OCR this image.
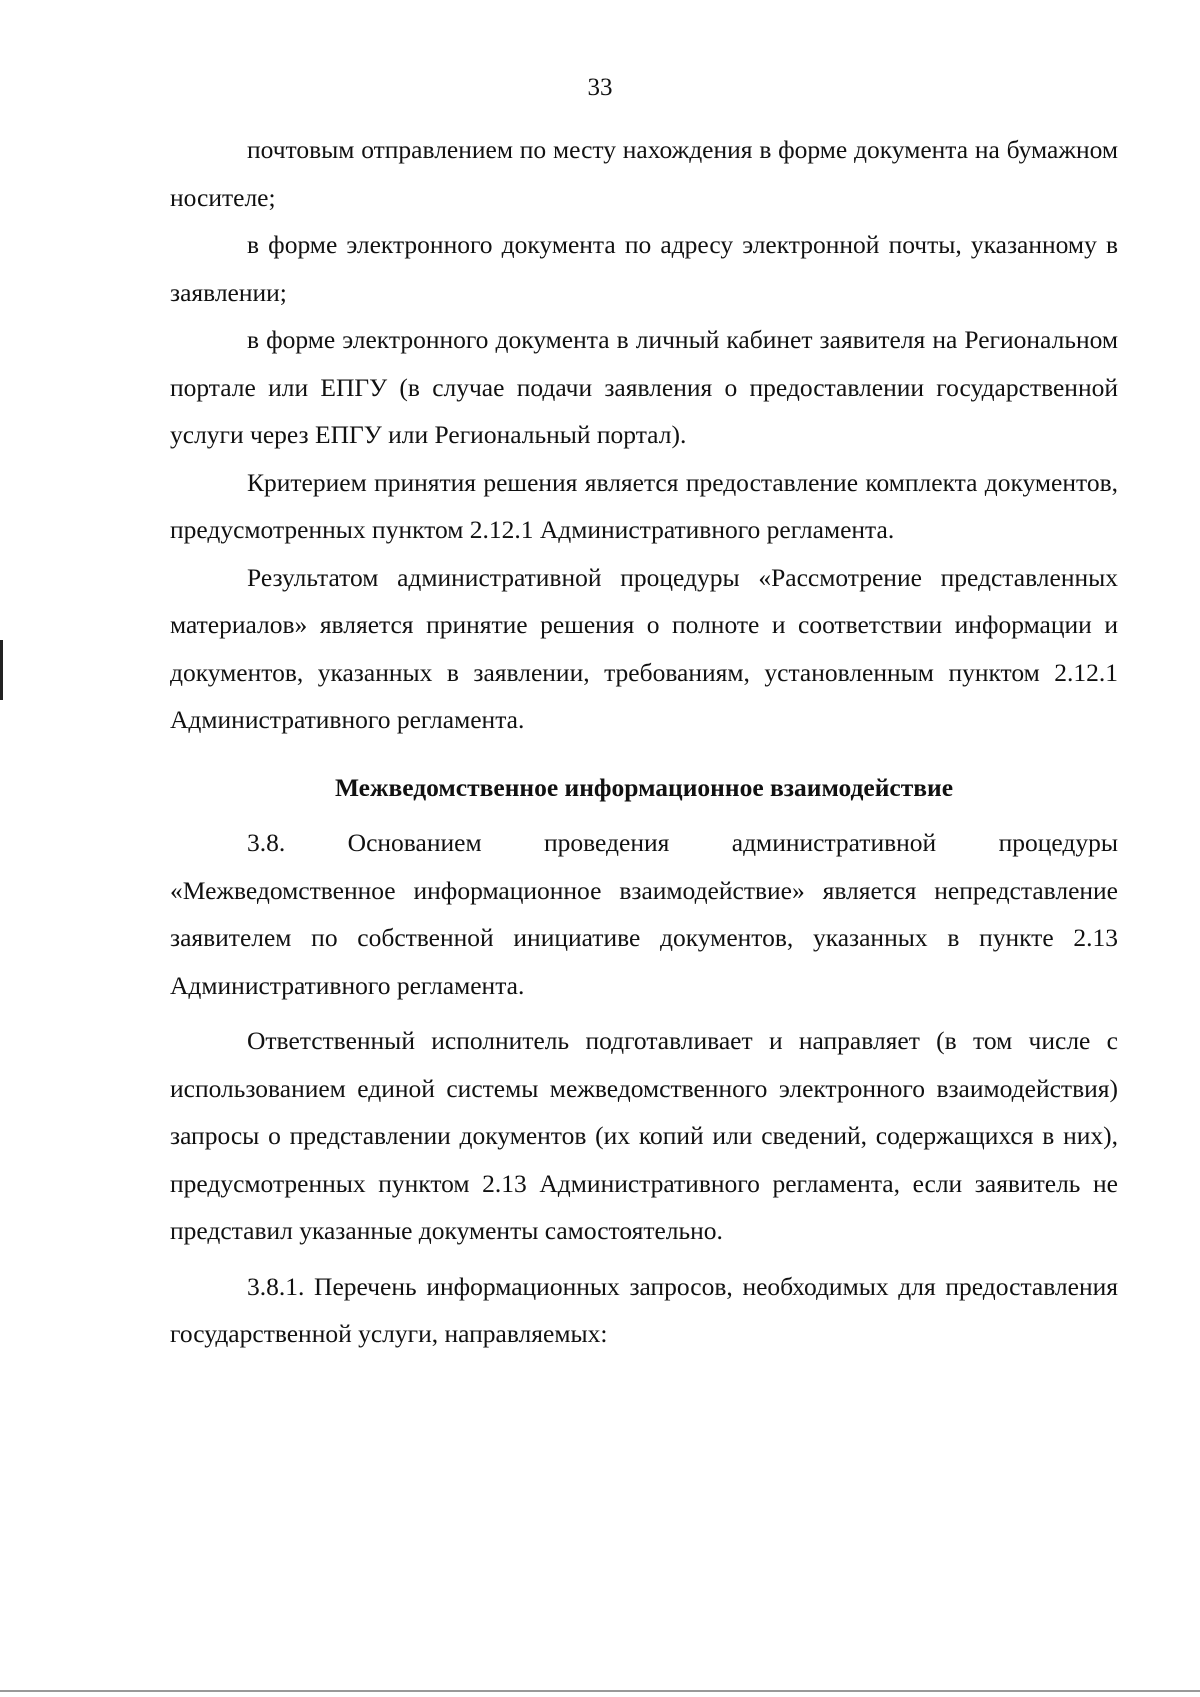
33

почтовым отправлением по месту нахождения в форме документа на бумажном носителе;

в форме электронного документа по адресу электронной почты, указанному в заявлении;

в форме электронного документа в личный кабинет заявителя на Региональном портале или ЕПГУ (в случае подачи заявления о предоставлении государственной услуги через ЕПГУ или Региональный портал).

Критерием принятия решения является предоставление комплекта документов, предусмотренных пунктом 2.12.1 Административного регламента.

Результатом административной процедуры «Рассмотрение представленных материалов» является принятие решения о полноте и соответствии информации и документов, указанных в заявлении, требованиям, установленным пунктом 2.12.1 Административного регламента.

Межведомственное информационное взаимодействие

3.8. Основанием проведения административной процедуры «Межведомственное информационное взаимодействие» является непредставление заявителем по собственной инициативе документов, указанных в пункте 2.13 Административного регламента.

Ответственный исполнитель подготавливает и направляет (в том числе с использованием единой системы межведомственного электронного взаимодействия) запросы о представлении документов (их копий или сведений, содержащихся в них), предусмотренных пунктом 2.13 Административного регламента, если заявитель не представил указанные документы самостоятельно.

3.8.1. Перечень информационных запросов, необходимых для предоставления государственной услуги, направляемых:
